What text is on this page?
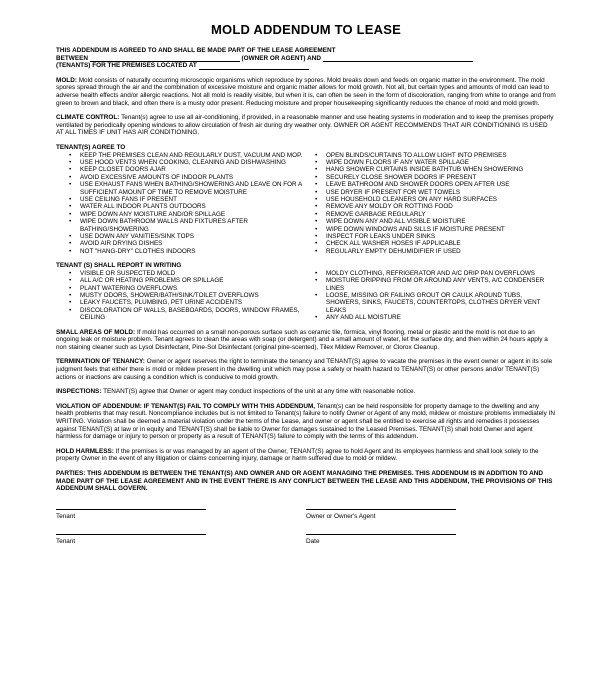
MOLD ADDENDUM TO LEASE

THIS ADDENDUM IS AGREED TO AND SHALL BE MADE PART OF THE LEASE AGREEMENT

BETWEEN	(OWNER OR AGENT) AND

(TENANTS) FOR THE PREMISES LOCATED AT

MOLD: Mold consists of naturally occurring microscopic organisms which reproduce by spores. Mold breaks down and feeds on organic matter in the environment. The mold spores spread through the air and the combination of excessive moisture and organic matter allows for mold growth. Not all, but certain types and amounts of mold can lead to adverse health effects and/or allergic reactions. Not all mold is readily visible, but when it is, can often be seen in the form of discoloration, ranging from white to orange and from green to brown and black, and often there is a musty odor present. Reducing moisture and proper housekeeping significantly reduces the chance of mold and mold growth.

CLIMATE CONTROL: Tenant(s) agree to use all air-conditioning, if provided, in a reasonable manner and use heating systems in moderation and to keep the premises properly ventilated by periodically opening windows to allow circulation of fresh air during dry weather only. OWNER OR AGENT RECOMMENDS THAT AIR CONDITIONING IS USED AT ALL TIMES IF UNIT HAS AIR CONDITIONING.

TENANT(S) AGREE TO

• KEEP THE PREMISES CLEAN AND REGULARLY DUST, VACUUM AND MOP.
• USE HOOD VENTS WHEN COOKING, CLEANING AND DISHWASHING
• KEEP CLOSET DOORS AJAR
• AVOID EXCESSIVE AMOUNTS OF INDOOR PLANTS
• USE EXHAUST FANS WHEN BATHING/SHOWERING AND LEAVE ON FOR A SUFFICIENT AMOUNT OF TIME TO REMOVE MOISTURE
• USE CEILING FANS IF PRESENT
• WATER ALL INDOOR PLANTS OUTDOORS
• WIPE DOWN ANY MOISTURE AND/OR SPILLAGE
• WIPE DOWN BATHROOM WALLS AND FIXTURES AFTER BATHING/SHOWERING
• USE DOWN ANY VANITIES/SINK TOPS
• AVOID AIR DRYING DISHES
• NOT "HANG-DRY" CLOTHES INDOORS
• OPEN BLINDS/CURTAINS TO ALLOW LIGHT INTO PREMISES
• WIPE DOWN FLOORS IF ANY WATER SPILLAGE
• HANG SHOWER CURTAINS INSIDE BATHTUB WHEN SHOWERING
• SECURELY CLOSE SHOWER DOORS IF PRESENT
• LEAVE BATHROOM AND SHOWER DOORS OPEN AFTER USE
• USE DRYER IF PRESENT FOR WET TOWELS
• USE HOUSEHOLD CLEANERS ON ANY HARD SURFACES
• REMOVE ANY MOLDY OR ROTTING FOOD
• REMOVE GARBAGE REGULARLY
• WIPE DOWN ANY AND ALL VISIBLE MOISTURE
• WIPE DOWN WINDOWS AND SILLS IF MOISTURE PRESENT
• INSPECT FOR LEAKS UNDER SINKS
• CHECK ALL WASHER HOSES IF APPLICABLE
• REGULARLY EMPTY DEHUMIDIFIER IF USED

TENANT (S) SHALL REPORT IN WRITING

• VISIBLE OR SUSPECTED MOLD
• ALL A/C OR HEATING PROBLEMS OR SPILLAGE
• PLANT WATERING OVERFLOWS
• MUSTY ODORS, SHOWER/BATH/SINK/TOILET OVERFLOWS
• LEAKY FAUCETS, PLUMBING, PET URINE ACCIDENTS
• DISCOLORATION OF WALLS, BASEBOARDS, DOORS, WINDOW FRAMES, CEILING
• MOLDY CLOTHING, REFRIGERATOR AND A/C DRIP PAN OVERFLOWS
• MOISTURE DRIPPING FROM OR AROUND ANY VENTS, A/C CONDENSER LINES
• LOOSE, MISSING OR FAILING GROUT OR CAULK AROUND TUBS, SHOWERS, SINKS, FAUCETS, COUNTERTOPS, CLOTHES DRYER VENT LEAKS
• ANY AND ALL MOISTURE

SMALL AREAS OF MOLD: If mold has occurred on a small non-porous surface such as ceramic tile, formica, vinyl flooring, metal or plastic and the mold is not due to an ongoing leak or moisture problem. Tenant agrees to clean the areas with soap (or detergent) and a small amount of water, let the surface dry, and then within 24 hours apply a non staining cleaner such as Lysol Disinfectant, Pine-Sol Disinfectant (original pine-scented), Tilex Mildew Remover, or Clorox Cleanup.

TERMINATION OF TENANCY: Owner or agent reserves the right to terminate the tenancy and TENANT(S) agree to vacate the premises in the event owner or agent in its sole judgment feels that either there is mold or mildew present in the dwelling unit which may pose a safety or health hazard to TENANT(S) or other persons and/or TENANT(S) actions or inactions are causing a condition which is conducive to mold growth.

INSPECTIONS: TENANT(S) agree that Owner or agent may conduct inspections of the unit at any time with reasonable notice.

VIOLATION OF ADDENDUM: IF TENANT(S) FAIL TO COMPLY WITH THIS ADDENDUM, Tenant(s) can be held responsible for property damage to the dwelling and any health problems that may result. Noncompliance includes but is not limited to Tenant(s) failure to notify Owner or Agent of any mold, mildew or moisture problems immediately IN WRITING. Violation shall be deemed a material violation under the terms of the Lease, and owner or agent shall be entitled to exercise all rights and remedies it possesses against TENANT(S) at law or in equity and TENANT(S) shall be liable to Owner for damages sustained to the Leased Premises. TENANT(S) shall hold Owner and agent harmless for damage or injury to person or property as a result of TENANT(S) failure to comply with the terms of this addendum.

HOLD HARMLESS: If the premises is or was managed by an agent of the Owner, TENANT(S) agree to hold Agent and its employees harmless and shall look solely to the property Owner in the event of any litigation or claims concerning injury, damage or harm suffered due to mold or mildew.

PARTIES: THIS ADDENDUM IS BETWEEN THE TENANT(S) AND OWNER AND OR AGENT MANAGING THE PREMISES. THIS ADDENDUM IS IN ADDITION TO AND MADE PART OF THE LEASE AGREEMENT AND IN THE EVENT THERE IS ANY CONFLICT BETWEEN THE LEASE AND THIS ADDENDUM, THE PROVISIONS OF THIS ADDENDUM SHALL GOVERN.

Tenant	Owner or Owner's Agent
Tenant	Date
